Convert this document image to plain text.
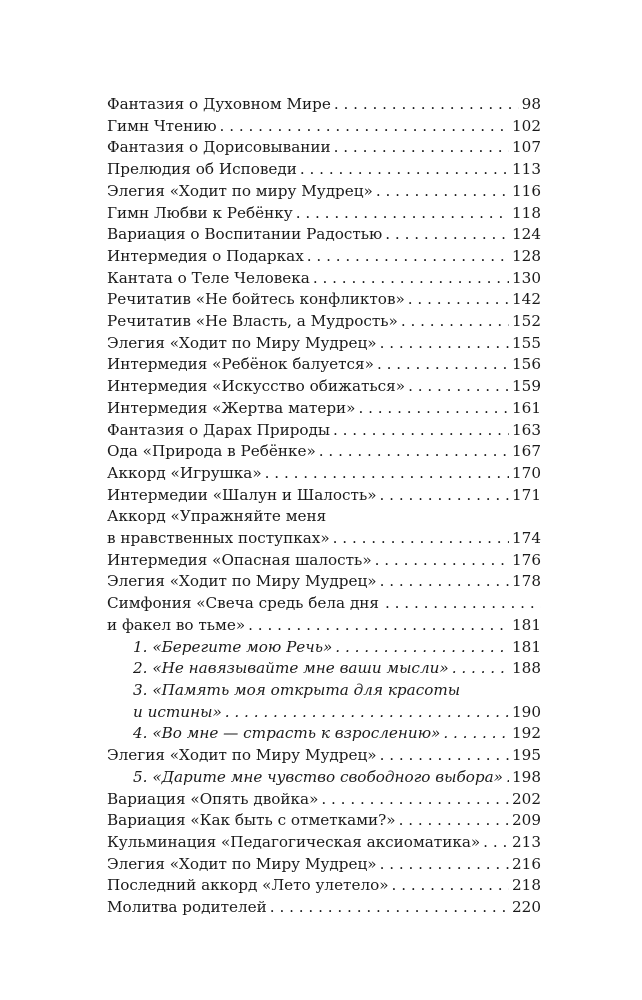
Фантазия о Духовном Мире . . .	98
Гимн Чтению . . .	102
Фантазия о Дорисовывании . . .	107
Прелюдия об Исповеди . . .	113
Элегия «Ходит по миру Мудрец» . . .	116
Гимн Любви к Ребёнку . . .	118
Вариация о Воспитании Радостью . . .	124
Интермедия о Подарках . . .	128
Кантата о Теле Человека . . .	130
Речитатив «Не бойтесь конфликтов» . . .	142
Речитатив «Не Власть, а Мудрость» . . .	152
Элегия «Ходит по Миру Мудрец» . . .	155
Интермедия «Ребёнок балуется» . . .	156
Интермедия «Искусство обижаться» . . .	159
Интермедия «Жертва матери» . . .	161
Фантазия о Дарах Природы . . .	163
Ода «Природа в Ребёнке» . . .	167
Аккорд «Игрушка» . . .	170
Интермедии «Шалун и Шалость» . . .	171
Аккорд «Упражняйте меня
в нравственных поступках» . . .	174
Интермедия «Опасная шалость» . . .	176
Элегия «Ходит по Миру Мудрец» . . .	178
Симфония «Свеча средь бела дня
. . .
и факел во тьме» . . .	181
1. «Берегите мою Речь» . . .	181
2. «Не навязывайте мне ваши мысли» . . .	188
3. «Память моя открыта для красоты
и истины» . . .	190
4. «Во мне — страсть к взрослению» . . .	192
Элегия «Ходит по Миру Мудрец» . . .	195
5. «Дарите мне чувство свободного выбора» . . . 198
Вариация «Опять двойка» . . .	202
Вариация «Как быть с отметками?» . . .	209
Кульминация «Педагогическая аксиоматика» . . . 213
Элегия «Ходит по Миру Мудрец» . . .	216
Последний аккорд «Лето улетело» . . .	218
Молитва родителей . . .	220
